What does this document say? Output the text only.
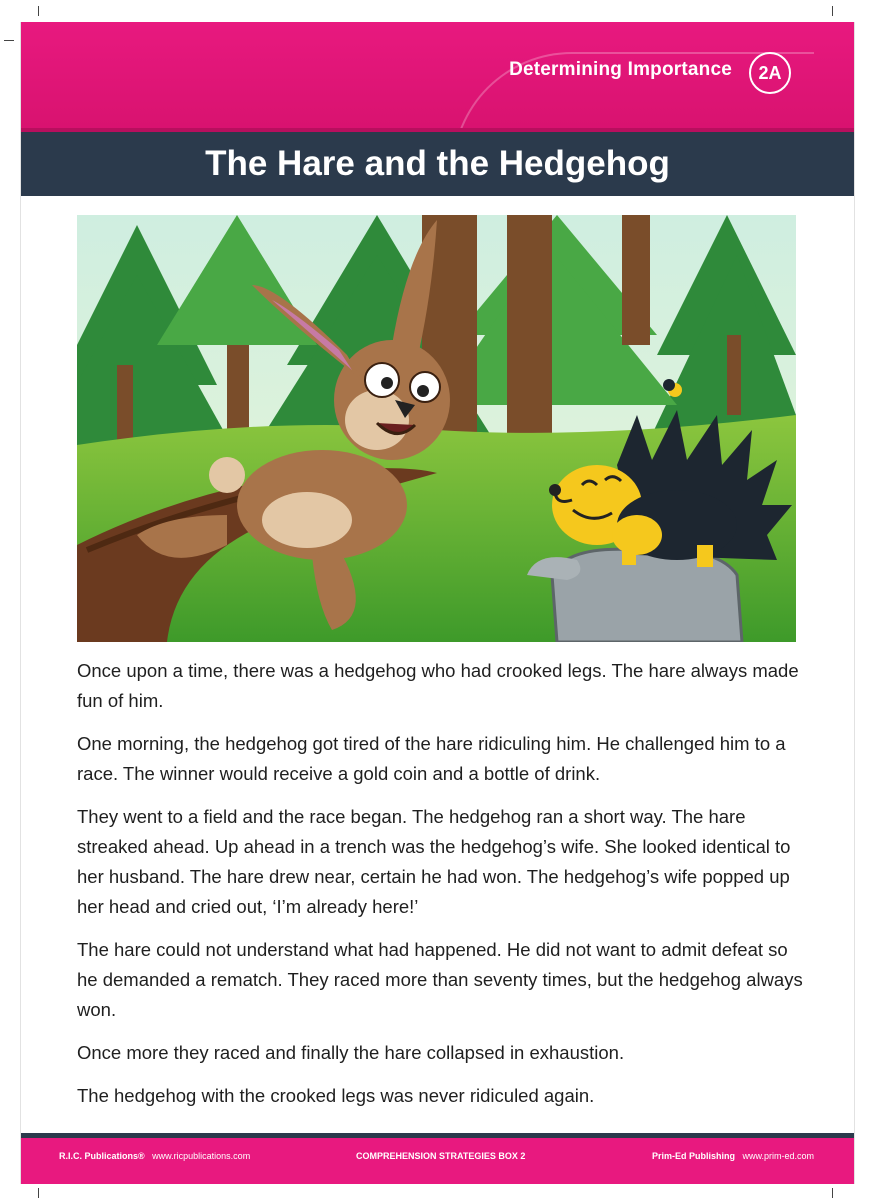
Determining Importance	2A
The Hare and the Hedgehog

Once upon a time, there was a hedgehog who had crooked legs. The hare always made fun of him.

One morning, the hedgehog got tired of the hare ridiculing him. He challenged him to a race. The winner would receive a gold coin and a bottle of drink.

They went to a field and the race began. The hedgehog ran a short way. The hare streaked ahead. Up ahead in a trench was the hedgehog’s wife. She looked identical to her husband. The hare drew near, certain he had won. The hedgehog’s wife popped up her head and cried out, ‘I’m already here!’

The hare could not understand what had happened. He did not want to admit defeat so he demanded a rematch. They raced more than seventy times, but the hedgehog always won.

Once more they raced and finally the hare collapsed in exhaustion.

The hedgehog with the crooked legs was never ridiculed again.

R.I.C. Publications® www.ricpublications.com	COMPREHENSION STRATEGIES BOX 2	Prim-Ed Publishing www.prim-ed.com
